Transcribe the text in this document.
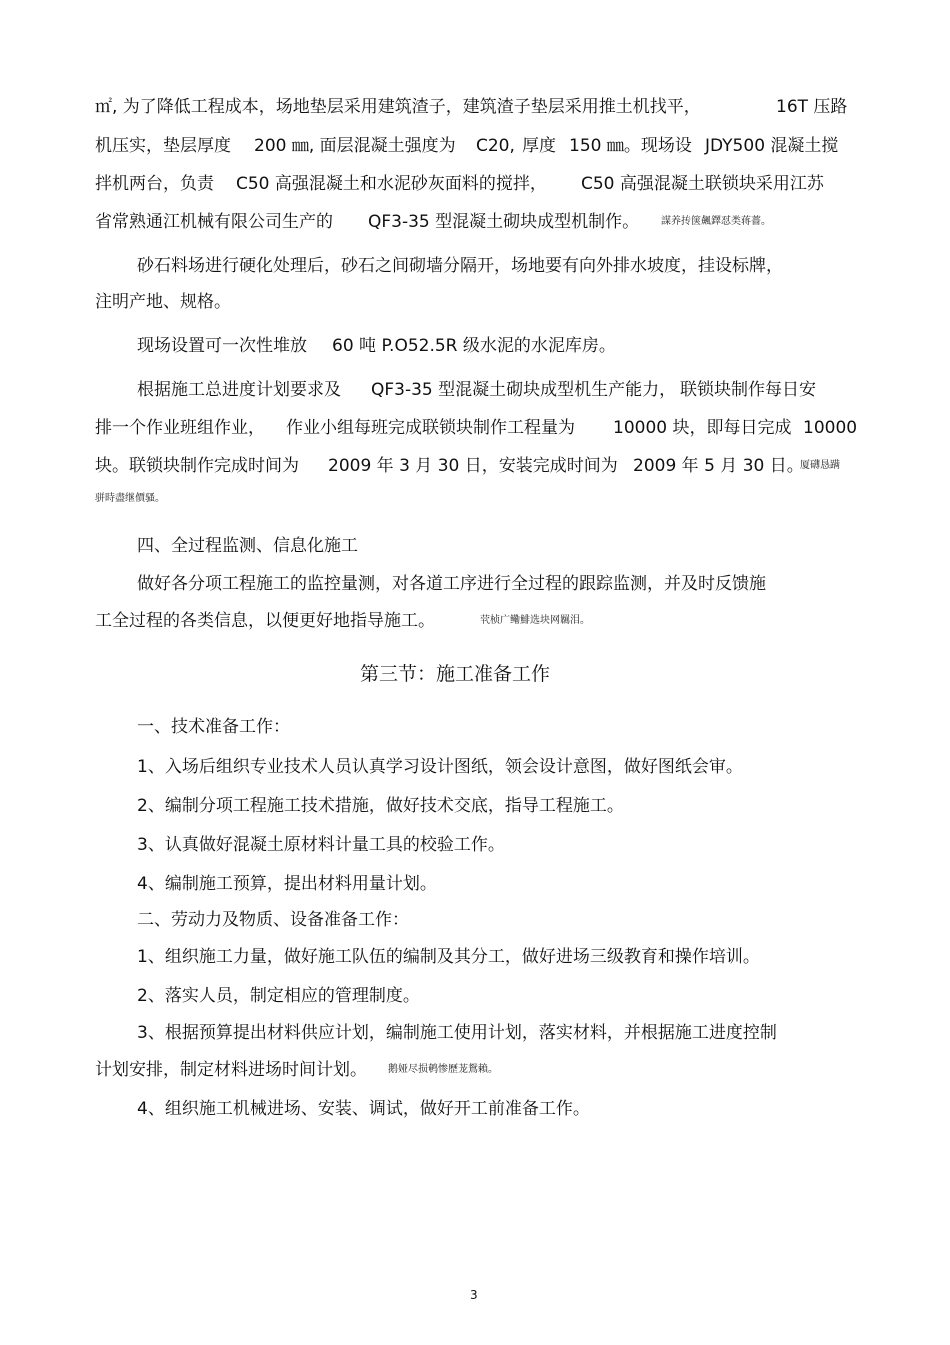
㎡, 为了降低工程成本，场地垫层采用建筑渣子，建筑渣子垫层采用推土机找平，	16T 压路
机压实，垫层厚度 200 ㎜, 面层混凝土强度为 C20, 厚度 150 ㎜。现场设 JDY500 混凝土搅
拌机两台，负责 C50 高强混凝土和水泥砂灰面料的搅拌， C50 高强混凝土联锁块采用江苏
省常熟通江机械有限公司生产的 QF3-35 型混凝土砌块成型机制作。
砂石料场进行硬化处理后，砂石之间砌墙分隔开，场地要有向外排水坡度，挂设标牌，
注明产地、规格。
现场设置可一次性堆放 60 吨 P.O52.5R 级水泥的水泥库房。
根据施工总进度计划要求及 QF3-35 型混凝土砌块成型机生产能力， 联锁块制作每日安
排一个作业班组作业， 作业小组每班完成联锁块制作工程量为 10000 块，即每日完成 10000
块。联锁块制作完成时间为 2009 年 3 月 30 日，安装完成时间为 2009 年 5 月 30 日。
四、全过程监测、信息化施工
做好各分项工程施工的监控量测，对各道工序进行全过程的跟踪监测，并及时反馈施
工全过程的各类信息，以便更好地指导施工。
一、技术准备工作：
1、入场后组织专业技术人员认真学习设计图纸，领会设计意图，做好图纸会审。
2、编制分项工程施工技术措施，做好技术交底，指导工程施工。
3、认真做好混凝土原材料计量工具的校验工作。
4、编制施工预算，提出材料用量计划。
二、劳动力及物质、设备准备工作：
1、组织施工力量，做好施工队伍的编制及其分工，做好进场三级教育和操作培训。
2、落实人员，制定相应的管理制度。
3、根据预算提出材料供应计划，编制施工使用计划，落实材料，并根据施工进度控制
计划安排，制定材料进场时间计划。
4、组织施工机械进场、安装、调试，做好开工前准备工作。
謀养抟箧飆鐸怼类蒋薔。
厦礴恳蹒
骈時盡继價骚。
茕桢广鳓鯡选块网羈泪。
鹅娅尽损鹌惨歷茏鴛賴。
第三节：施工准备工作
3
